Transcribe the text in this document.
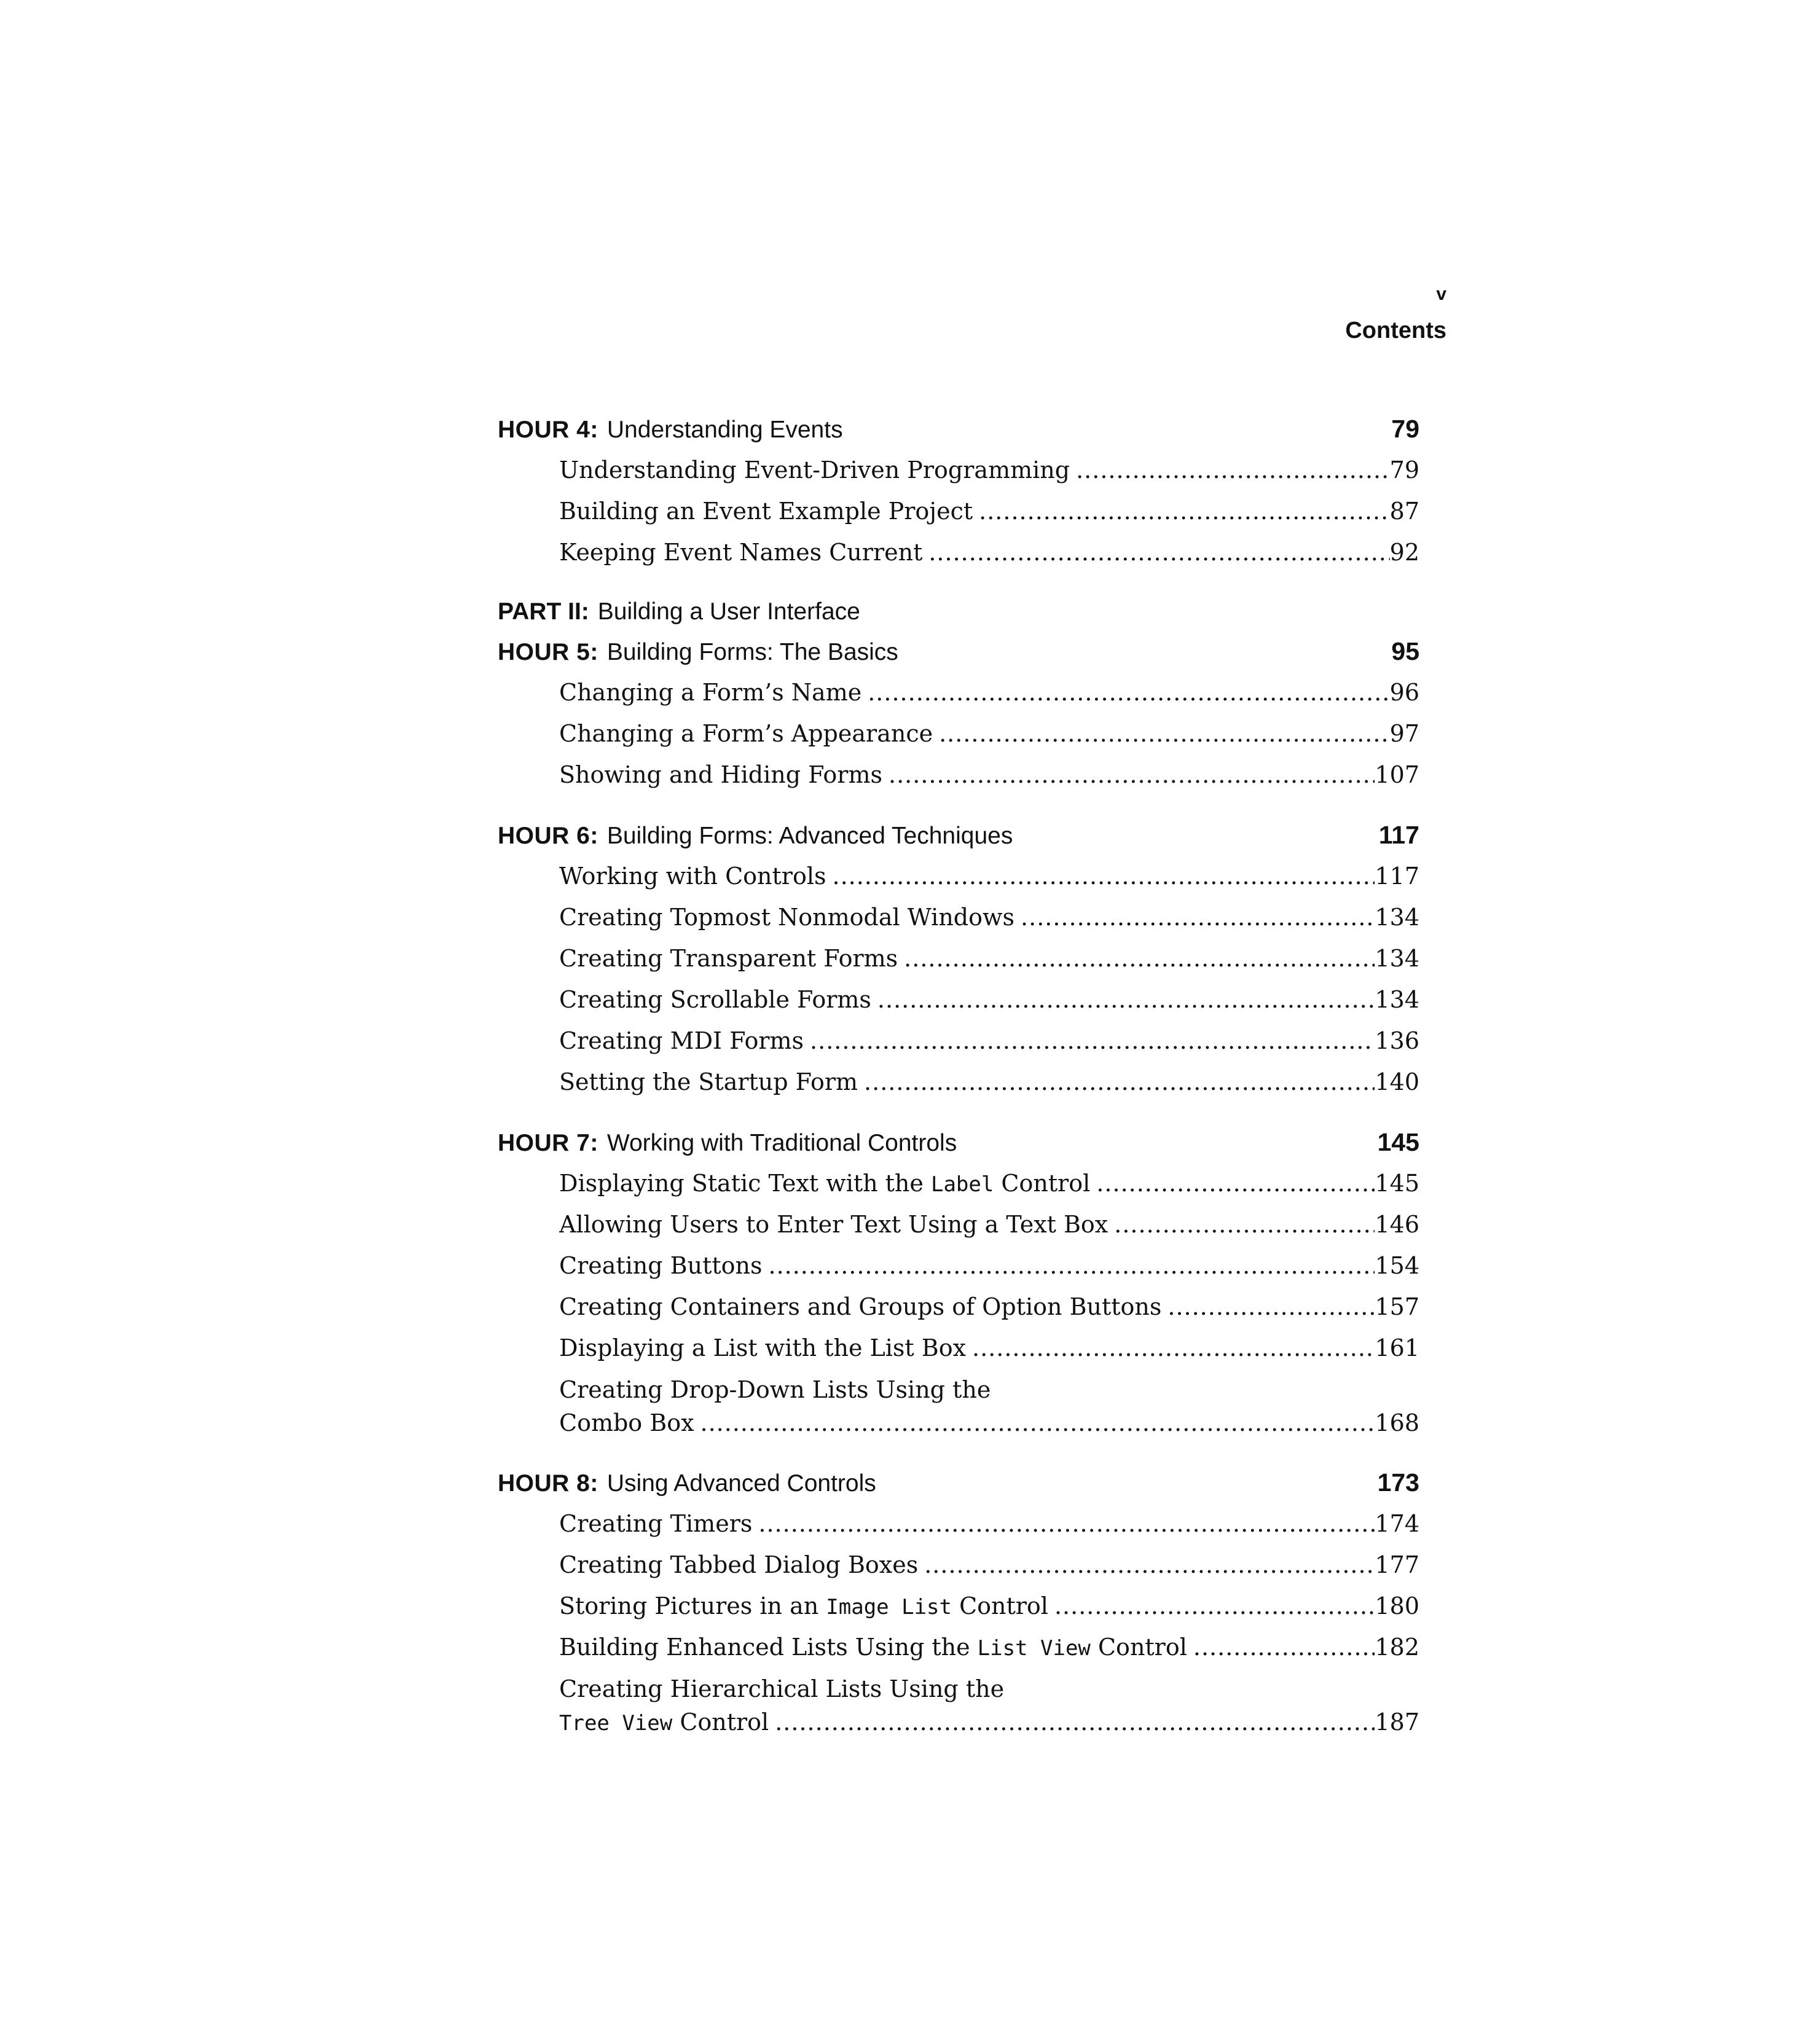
v
Contents
HOUR 4: Understanding Events	79
Understanding Event-Driven Programming .....	79
Building an Event Example Project .....	87
Keeping Event Names Current .....	92
PART II: Building a User Interface
HOUR 5: Building Forms: The Basics	95
Changing a Form’s Name .....	96
Changing a Form’s Appearance .....	97
Showing and Hiding Forms .....	107
HOUR 6: Building Forms: Advanced Techniques	117
Working with Controls .....	117
Creating Topmost Nonmodal Windows .....	134
Creating Transparent Forms .....	134
Creating Scrollable Forms .....	134
Creating MDI Forms .....	136
Setting the Startup Form .....	140
HOUR 7: Working with Traditional Controls	145
Displaying Static Text with the Label Control .....	145
Allowing Users to Enter Text Using a Text Box .....	146
Creating Buttons .....	154
Creating Containers and Groups of Option Buttons .....	157
Displaying a List with the List Box .....	161
Creating Drop-Down Lists Using the
Combo Box .....	168
HOUR 8: Using Advanced Controls	173
Creating Timers .....	174
Creating Tabbed Dialog Boxes .....	177
Storing Pictures in an Image List Control .....	180
Building Enhanced Lists Using the List View Control .....	182
Creating Hierarchical Lists Using the
Tree View Control .....	187
